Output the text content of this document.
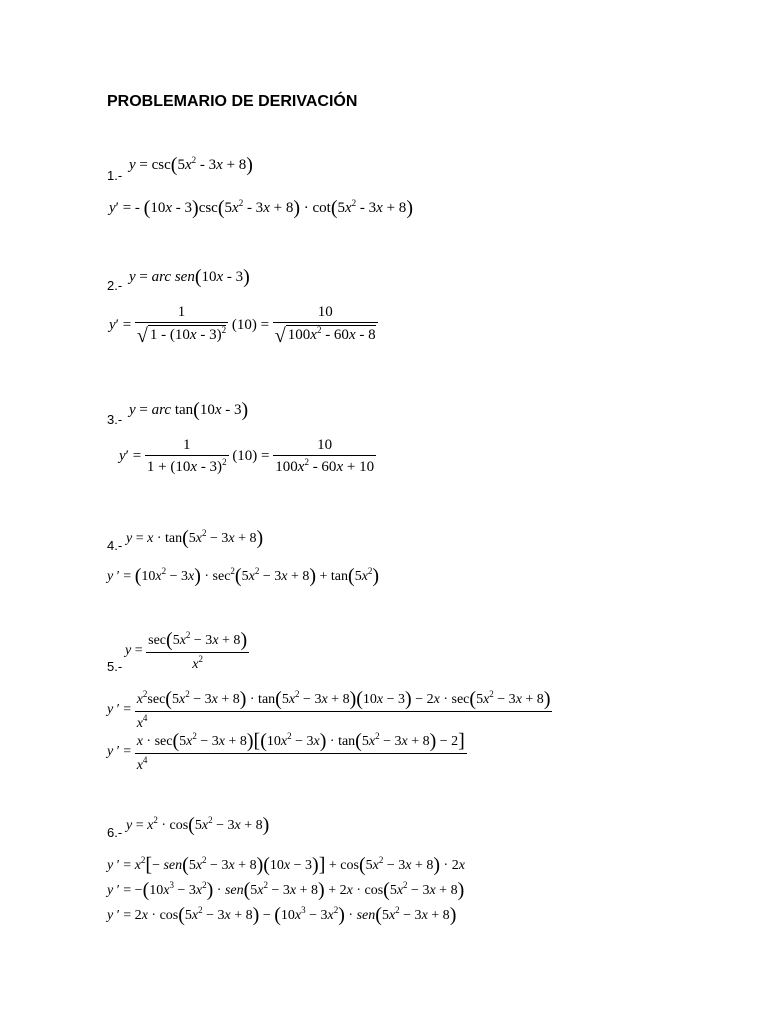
PROBLEMARIO DE DERIVACIÓN
1.-
$y = \csc(5x^2 - 3x + 8)$
y′ = - $(10x - 3)\csc(5x^2 - 3x + 8) \cdot \cot(5x^2 - 3x + 8)$
2.-
y = arc sen(10x - 3)
$y' = \frac{1}{√ 1 - (10x - 3)^2} (10) = \frac{10}{√ 100x^2 - 60x - 8}$
3.-
y = arc tan(10x - 3)
$y' = \frac{1}{1 + (10x - 3)^2} (10) = \frac{10}{100x^2 - 60x + 10}$
4.- $y = x \cdot \tan(5x^2 - 3x + 8)$
y ′ = $(10x^2 - 3x) \cdot \sec^2(5x^2 - 3x + 8) + \tan(5x^2)$
5.-
$y = \frac{\sec(5x^2 - 3x + 8)}{x^2}$
y ′ =
$x^2\sec(5x^2 - 3x + 8) \cdot \tan(5x^2 - 3x + 8)(10x - 3) - 2x \cdot \sec(5x^2 - 3x + 8)$
$x^4$
y ′ = $\frac{x \cdot \sec(5x^2 - 3x + 8)[(10x^2 - 3x) \cdot \tan(5x^2 - 3x + 8) - 2]}{x^4}$
6.- $y = x^2 \cdot \cos(5x^2 - 3x + 8)$
y ′ = $x^2[- sen(5x^2 - 3x + 8)(10x - 3)] + \cos(5x^2 - 3x + 8) \cdot 2x$
y ′ = $-(10x^3 - 3x^2) \cdot sen(5x^2 - 3x + 8) + 2x \cdot \cos(5x^2 - 3x + 8)$
y ′ = $2x \cdot \cos(5x^2 - 3x + 8) - (10x^3 - 3x^2) \cdot sen(5x^2 - 3x + 8)$
